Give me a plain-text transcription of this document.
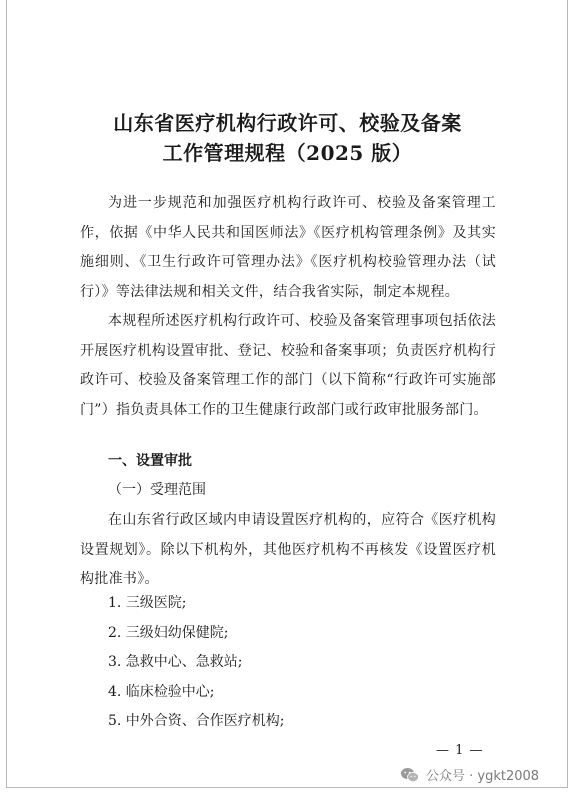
山东省医疗机构行政许可、校验及备案
工作管理规程（2025 版）

为进一步规范和加强医疗机构行政许可、校验及备案管理工作，依据《中华人民共和国医师法》《医疗机构管理条例》及其实施细则、《卫生行政许可管理办法》《医疗机构校验管理办法（试行）》等法律法规和相关文件，结合我省实际，制定本规程。

本规程所述医疗机构行政许可、校验及备案管理事项包括依法开展医疗机构设置审批、登记、校验和备案事项；负责医疗机构行政许可、校验及备案管理工作的部门（以下简称“行政许可实施部门”）指负责具体工作的卫生健康行政部门或行政审批服务部门。

一、设置审批
（一）受理范围

在山东省行政区域内申请设置医疗机构的，应符合《医疗机构设置规划》。除以下机构外，其他医疗机构不再核发《设置医疗机构批准书》。

1. 三级医院;
2. 三级妇幼保健院;
3. 急救中心、急救站;
4. 临床检验中心;
5. 中外合资、合作医疗机构;
— 1 —
公众号 · ygkt2008
